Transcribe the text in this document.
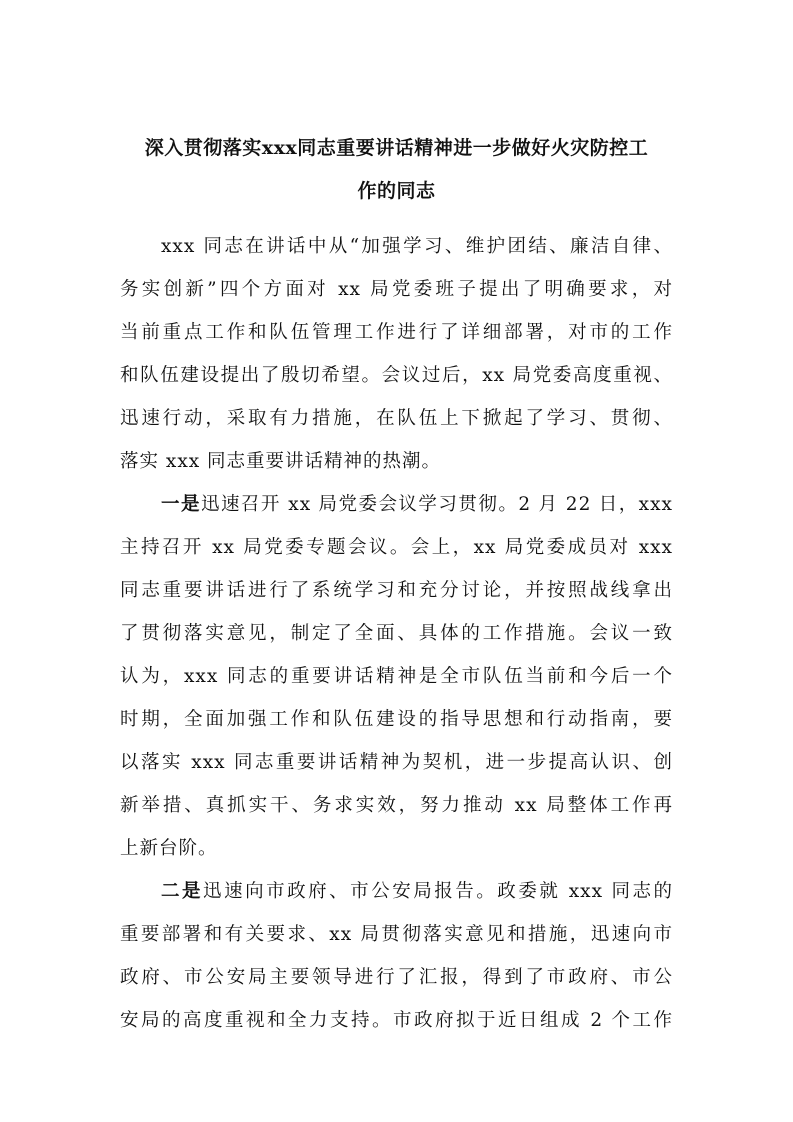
深入贯彻落实xxx同志重要讲话精神进一步做好火灾防控工
作的同志

xxx 同志在讲话中从“加强学习、维护团结、廉洁自律、

务实创新”四个方面对 xx 局党委班子提出了明确要求，对

当前重点工作和队伍管理工作进行了详细部署，对市的工作

和队伍建设提出了殷切希望。会议过后，xx 局党委高度重视、

迅速行动，采取有力措施，在队伍上下掀起了学习、贯彻、

落实 xxx 同志重要讲话精神的热潮。

一是迅速召开 xx 局党委会议学习贯彻。2 月 22 日，xxx

主持召开 xx 局党委专题会议。会上，xx 局党委成员对 xxx

同志重要讲话进行了系统学习和充分讨论，并按照战线拿出

了贯彻落实意见，制定了全面、具体的工作措施。会议一致

认为，xxx 同志的重要讲话精神是全市队伍当前和今后一个

时期，全面加强工作和队伍建设的指导思想和行动指南，要

以落实 xxx 同志重要讲话精神为契机，进一步提高认识、创

新举措、真抓实干、务求实效，努力推动 xx 局整体工作再

上新台阶。

二是迅速向市政府、市公安局报告。政委就 xxx 同志的

重要部署和有关要求、xx 局贯彻落实意见和措施，迅速向市

政府、市公安局主要领导进行了汇报，得到了市政府、市公

安局的高度重视和全力支持。市政府拟于近日组成 2 个工作
